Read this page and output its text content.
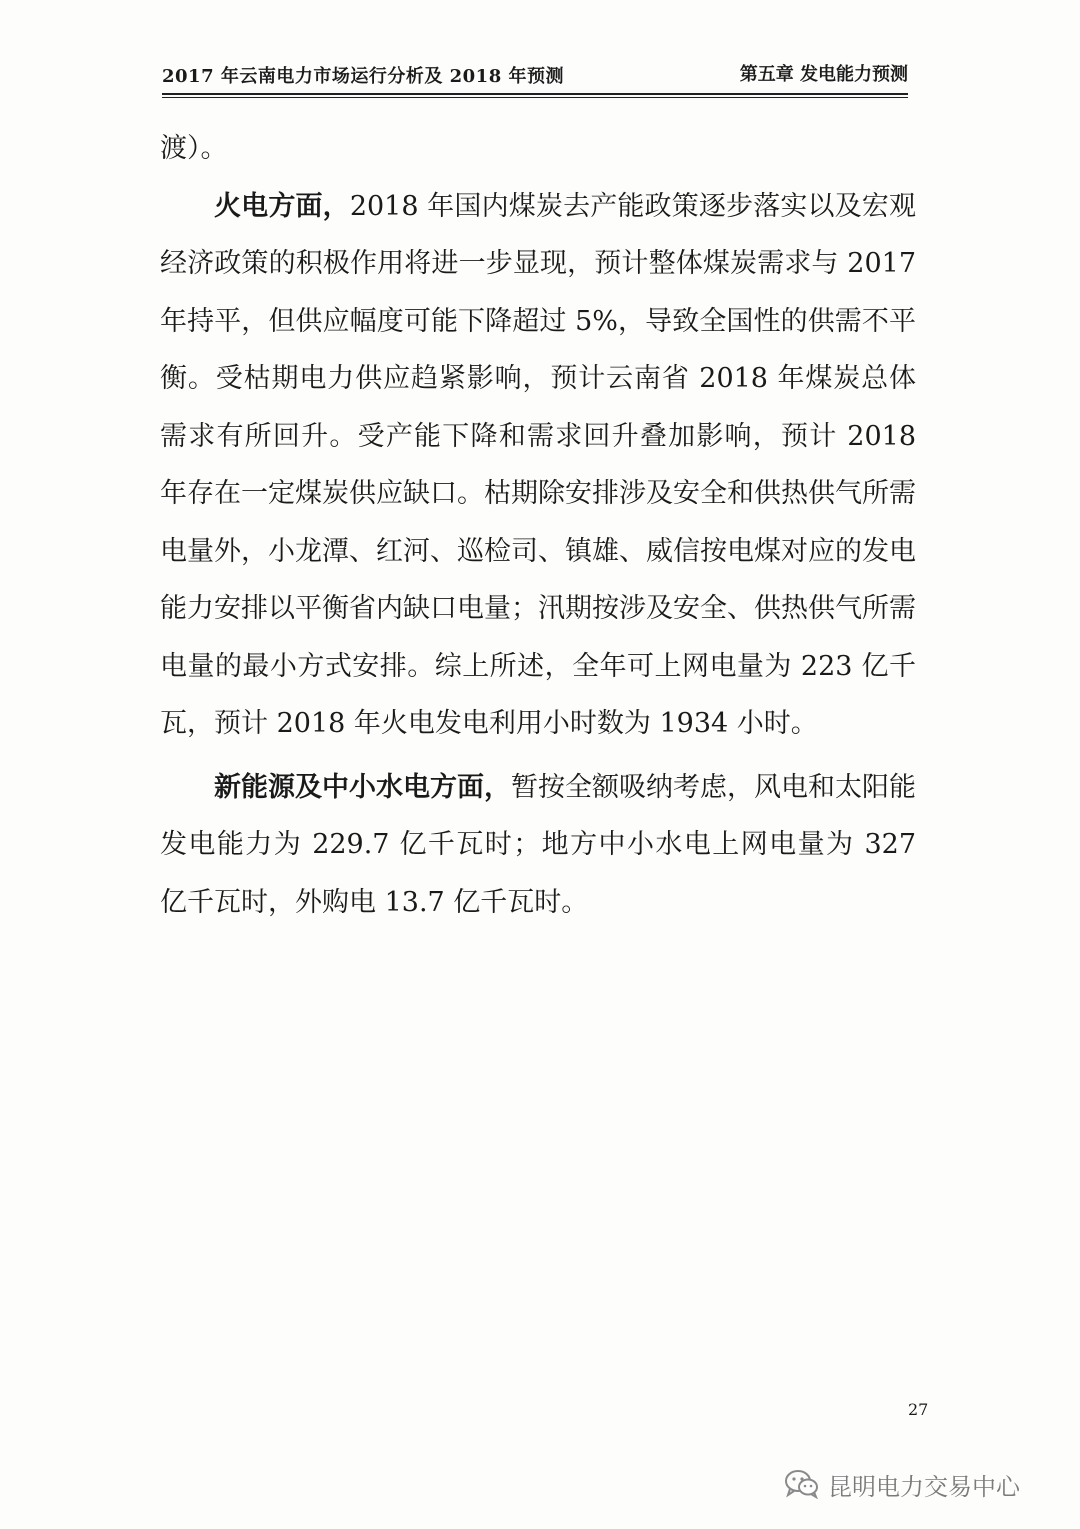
2017 年云南电力市场运行分析及 2018 年预测	第五章 发电能力预测

渡）。

火电方面，2018 年国内煤炭去产能政策逐步落实以及宏观经济政策的积极作用将进一步显现，预计整体煤炭需求与 2017 年持平，但供应幅度可能下降超过 5%，导致全国性的供需不平衡。受枯期电力供应趋紧影响，预计云南省 2018 年煤炭总体需求有所回升。受产能下降和需求回升叠加影响，预计 2018 年存在一定煤炭供应缺口。枯期除安排涉及安全和供热供气所需电量外，小龙潭、红河、巡检司、镇雄、威信按电煤对应的发电能力安排以平衡省内缺口电量；汛期按涉及安全、供热供气所需电量的最小方式安排。综上所述，全年可上网电量为 223 亿千瓦，预计 2018 年火电发电利用小时数为 1934 小时。

新能源及中小水电方面，暂按全额吸纳考虑，风电和太阳能发电能力为 229.7 亿千瓦时；地方中小水电上网电量为 327 亿千瓦时，外购电 13.7 亿千瓦时。

27
昆明电力交易中心
